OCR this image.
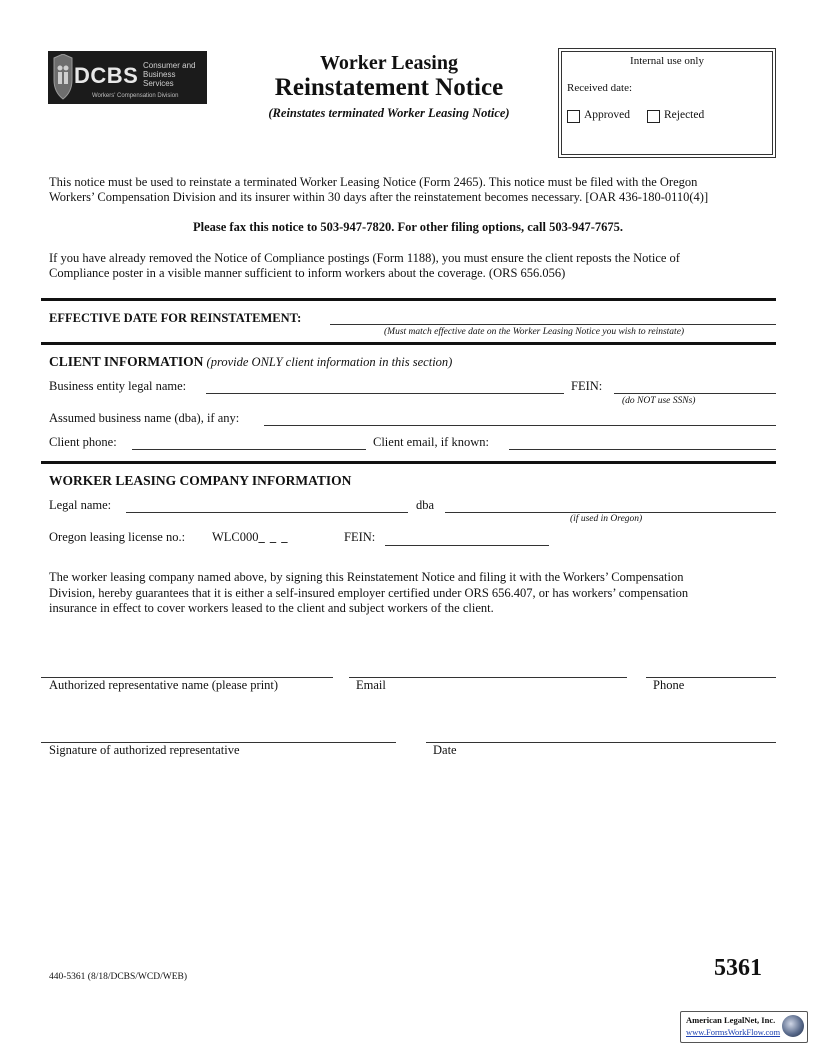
DCBS Consumer and Business Services
Workers' Compensation Division
Worker Leasing
Reinstatement Notice
(Reinstates terminated Worker Leasing Notice)
Internal use only
Received date:
Approved	Rejected
This notice must be used to reinstate a terminated Worker Leasing Notice (Form 2465). This notice must be filed with the Oregon
Workers’ Compensation Division and its insurer within 30 days after the reinstatement becomes necessary. [OAR 436-180-0110(4)]
Please fax this notice to 503-947-7820. For other filing options, call 503-947-7675.
If you have already removed the Notice of Compliance postings (Form 1188), you must ensure the client reposts the Notice of
Compliance poster in a visible manner sufficient to inform workers about the coverage. (ORS 656.056)
EFFECTIVE DATE FOR REINSTATEMENT:
(Must match effective date on the Worker Leasing Notice you wish to reinstate)
CLIENT INFORMATION (provide ONLY client information in this section)
Business entity legal name:	FEIN:
(do NOT use SSNs)
Assumed business name (dba), if any:
Client phone:	Client email, if known:
WORKER LEASING COMPANY INFORMATION
Legal name:	dba
(if used in Oregon)
Oregon leasing license no.: WLC000_ _ _	FEIN:
The worker leasing company named above, by signing this Reinstatement Notice and filing it with the Workers’ Compensation
Division, hereby guarantees that it is either a self-insured employer certified under ORS 656.407, or has workers’ compensation
insurance in effect to cover workers leased to the client and subject workers of the client.
Authorized representative name (please print)	Email	Phone
Signature of authorized representative	Date
440-5361 (8/18/DCBS/WCD/WEB)	5361
American LegalNet, Inc.
www.FormsWorkFlow.com
